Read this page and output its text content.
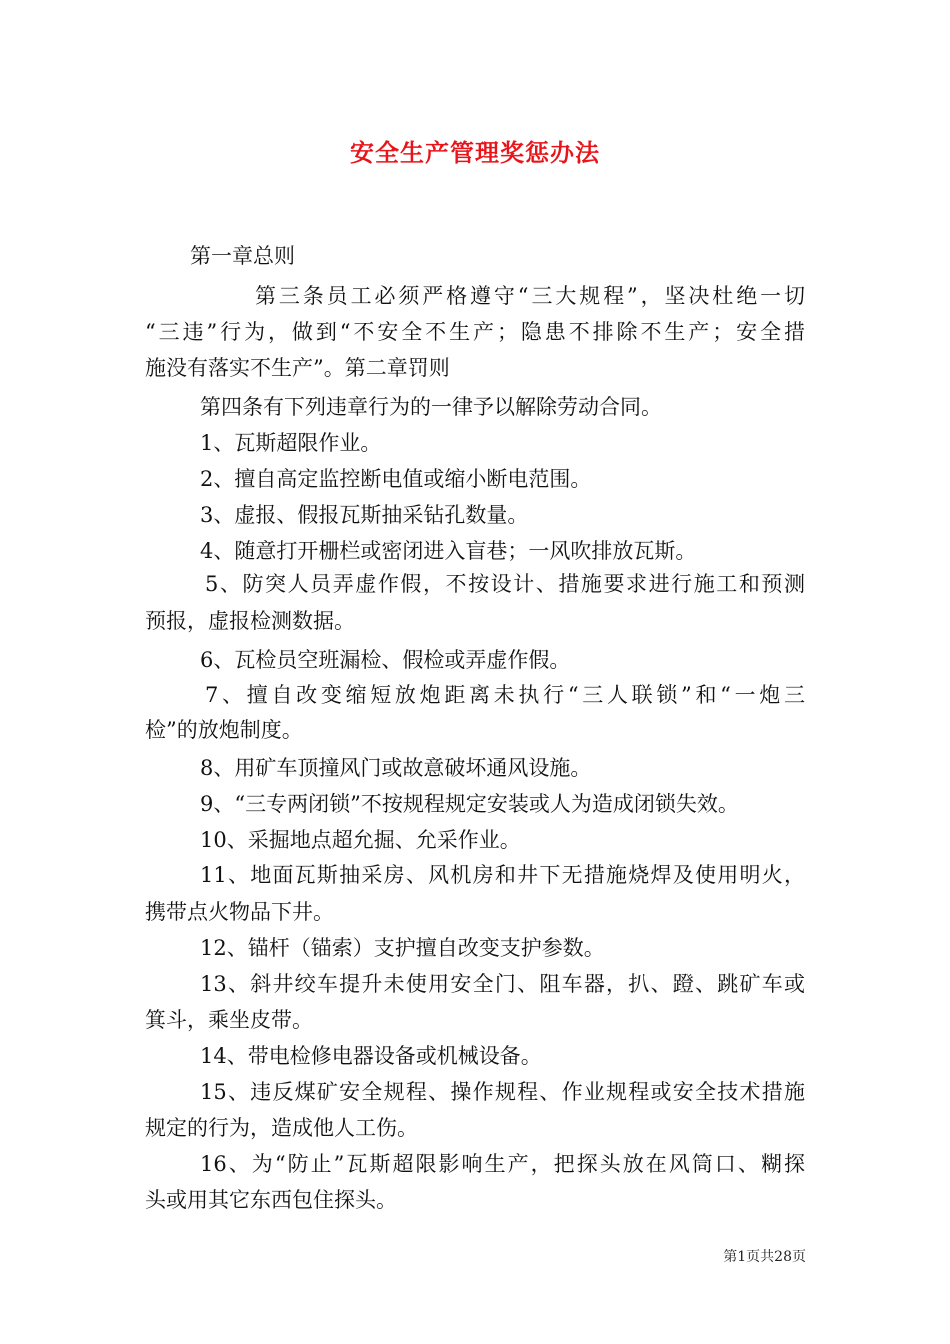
安全生产管理奖惩办法
第一章总则
第三条员工必须严格遵守“三大规程”，坚决杜绝一切
“三违”行为，做到“不安全不生产；隐患不排除不生产；安全措
施没有落实不生产”。第二章罚则
第四条有下列违章行为的一律予以解除劳动合同。
1、瓦斯超限作业。
2、擅自高定监控断电值或缩小断电范围。
3、虚报、假报瓦斯抽采钻孔数量。
4、随意打开栅栏或密闭进入盲巷；一风吹排放瓦斯。
5、防突人员弄虚作假，不按设计、措施要求进行施工和预测
预报，虚报检测数据。
6、瓦检员空班漏检、假检或弄虚作假。
7、擅自改变缩短放炮距离未执行“三人联锁”和“一炮三
检”的放炮制度。
8、用矿车顶撞风门或故意破坏通风设施。
9、“三专两闭锁”不按规程规定安装或人为造成闭锁失效。
10、采掘地点超允掘、允采作业。
11、地面瓦斯抽采房、风机房和井下无措施烧焊及使用明火，
携带点火物品下井。
12、锚杆（锚索）支护擅自改变支护参数。
13、斜井绞车提升未使用安全门、阻车器，扒、蹬、跳矿车或
箕斗，乘坐皮带。
14、带电检修电器设备或机械设备。
15、违反煤矿安全规程、操作规程、作业规程或安全技术措施
规定的行为，造成他人工伤。
16、为“防止”瓦斯超限影响生产，把探头放在风筒口、糊探
头或用其它东西包住探头。
第1页共28页
